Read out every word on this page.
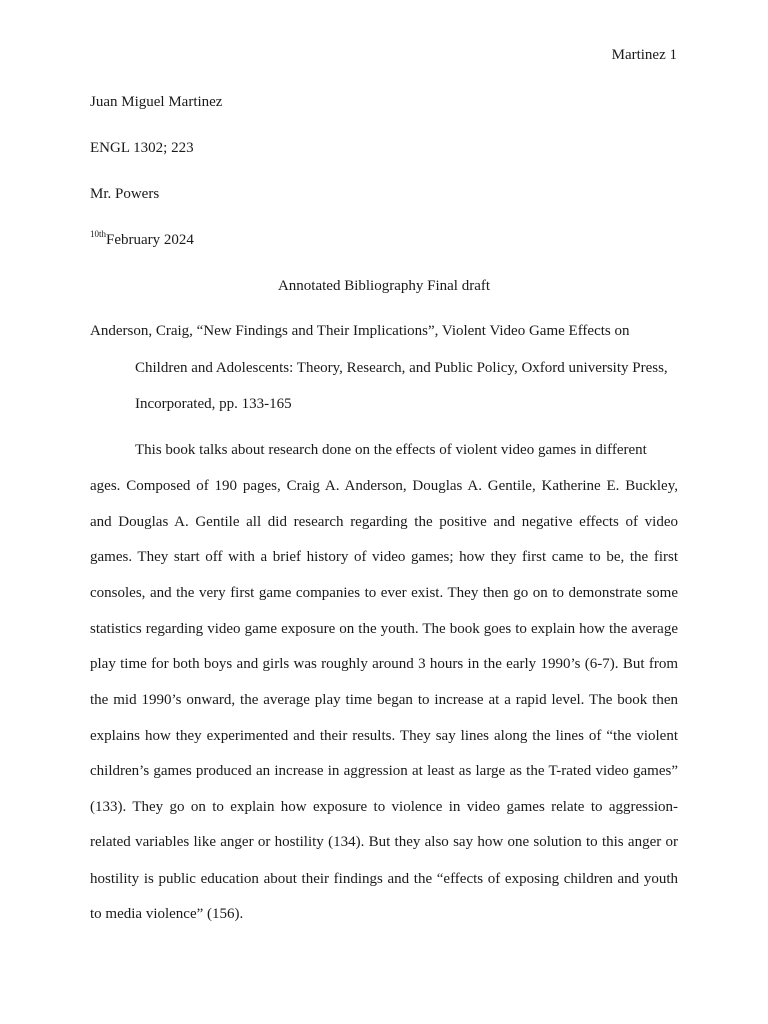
Martinez 1
Juan Miguel Martinez
ENGL 1302; 223
Mr. Powers
$^{10th}$February 2024
Annotated Bibliography Final draft
Anderson, Craig, “New Findings and Their Implications”, Violent Video Game Effects on
Children and Adolescents: Theory, Research, and Public Policy, Oxford university Press,
Incorporated, pp. 133-165
This book talks about research done on the effects of violent video games in different
ages. Composed of 190 pages, Craig A. Anderson, Douglas A. Gentile, Katherine E. Buckley,
and Douglas A. Gentile all did research regarding the positive and negative effects of video
games. They start off with a brief history of video games; how they first came to be, the first
consoles, and the very first game companies to ever exist. They then go on to demonstrate some
statistics regarding video game exposure on the youth. The book goes to explain how the average
play time for both boys and girls was roughly around 3 hours in the early 1990’s (6-7). But from
the mid 1990’s onward, the average play time began to increase at a rapid level. The book then
explains how they experimented and their results. They say lines along the lines of “the violent
children’s games produced an increase in aggression at least as large as the T-rated video games”
(133). They go on to explain how exposure to violence in video games relate to aggression-
related variables like anger or hostility (134). But they also say how one solution to this anger or
hostility is public education about their findings and the “effects of exposing children and youth
to media violence” (156).
